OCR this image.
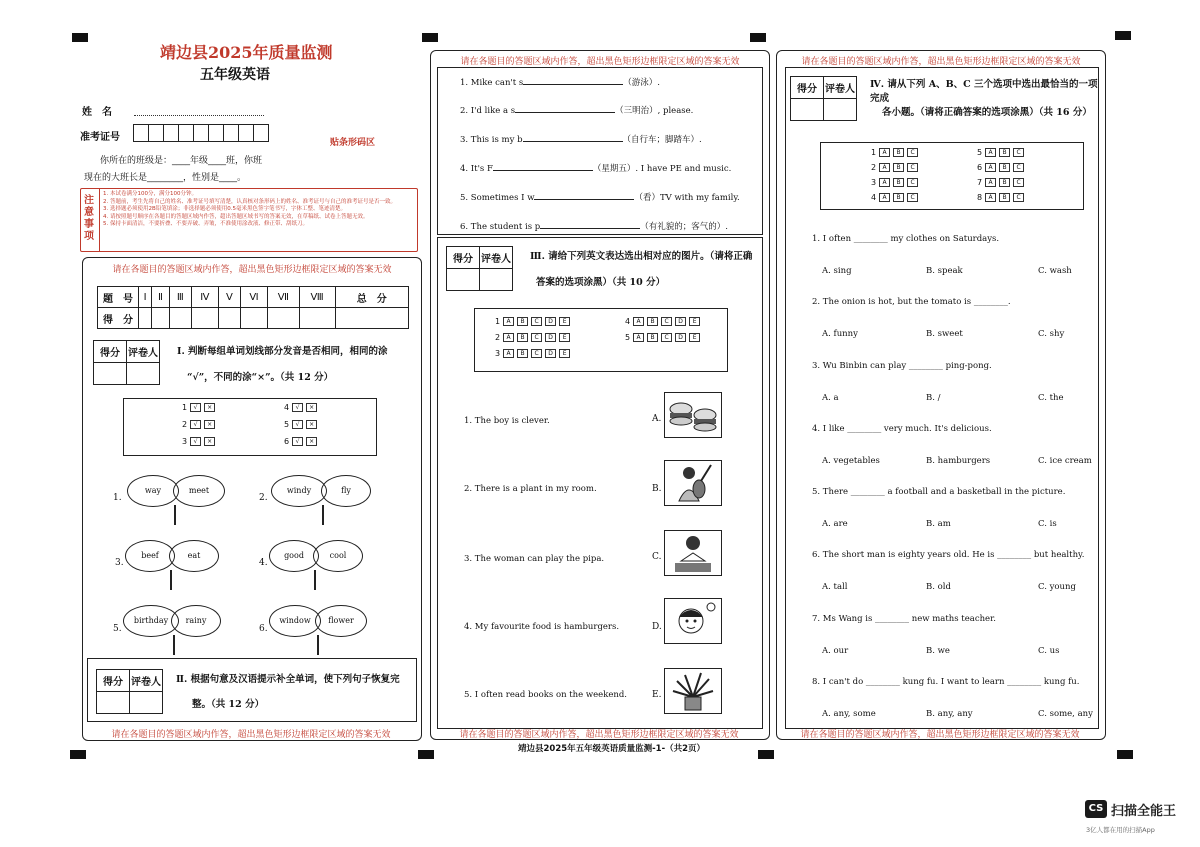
靖边县2025年质量监测
五年级英语
姓　名
准考证号	贴条形码区
你所在的班级是：____年级____班，你班
现在的大班长是________，性别是____。
注意事项
1. 本试卷满分100分，满分100分钟。
2. 答题前，考生先将自己的姓名、准考证号填写清楚，认真核对条形码上的姓名、准考证号与自己的准考证号是否一致。
3. 选择题必须使用2B铅笔填涂；非选择题必须使用0.5毫米黑色签字笔书写，字体工整、笔迹清楚。
4. 请按照题号顺序在各题目的答题区域内作答，超出答题区域书写的答案无效，在草稿纸、试卷上答题无效。
5. 保持卡面清洁，不要折叠、不要弄破、弄皱，不准使用涂改液、修正带、刮纸刀。
请在各题目的答题区域内作答，超出黑色矩形边框限定区域的答案无效
题　号	Ⅰ	Ⅱ	Ⅲ	Ⅳ	Ⅴ	Ⅵ	Ⅶ	Ⅷ	总　分
得　分									
得分	评卷人
	Ⅰ. 判断每组单词划线部分发音是否相同，相同的涂
“√”，不同的涂“×”。（共 12 分）
1 √ ×
2 √ ×
3 √ ×
4 √ ×
5 √ ×
6 √ ×
1.
way	meet
2.
windy	fly
3.
beef	eat
4.
good	cool
5.
birthday	rainy
6.
window	flower
得分	评卷人
	Ⅱ. 根据句意及汉语提示补全单词，使下列句子恢复完
整。（共 12 分）
请在各题目的答题区域内作答，超出黑色矩形边框限定区域的答案无效
请在各题目的答题区域内作答，超出黑色矩形边框限定区域的答案无效
1. Mike can't s	（游泳）.
2. I'd like a s	（三明治）, please.
3. This is my b	（自行车；脚踏车）.
4. It's F	（星期五）. I have PE and music.
5. Sometimes I w	（看）TV with my family.
6. The student is p	（有礼貌的；客气的）.
得分	评卷人
	Ⅲ. 请给下列英文表达选出相对应的图片。（请将正确
答案的选项涂黑）（共 10 分）
1 A B C D E
2 A B C D E
3 A B C D E
4 A B C D E
5 A B C D E
1. The boy is clever.
2. There is a plant in my room.
3. The woman can play the pipa.
4. My favourite food is hamburgers.
5. I often read books on the weekend.
A.
B.
C.
D.
E.
请在各题目的答题区域内作答，超出黑色矩形边框限定区域的答案无效
靖边县2025年五年级英语质量监测-1-（共2页）
请在各题目的答题区域内作答，超出黑色矩形边框限定区域的答案无效
得分	评卷人
	Ⅳ. 请从下列 A、B、C 三个选项中选出最恰当的一项完成
各小题。（请将正确答案的选项涂黑）（共 16 分）
1 A B C
2 A B C
3 A B C
4 A B C
5 A B C
6 A B C
7 A B C
8 A B C
1. I often ________ my clothes on Saturdays.
A. sing	B. speak	C. wash
2. The onion is hot, but the tomato is ________.
A. funny	B. sweet	C. shy
3. Wu Binbin can play ________ ping-pong.
A. a	B. /	C. the
4. I like ________ very much. It's delicious.
A. vegetables	B. hamburgers	C. ice cream
5. There ________ a football and a basketball in the picture.
A. are	B. am	C. is
6. The short man is eighty years old. He is ________ but healthy.
A. tall	B. old	C. young
7. Ms Wang is ________ new maths teacher.
A. our	B. we	C. us
8. I can't do ________ kung fu. I want to learn ________ kung fu.
A. any, some	B. any, any	C. some, any
请在各题目的答题区域内作答，超出黑色矩形边框限定区域的答案无效
CS 扫描全能王
3亿人都在用的扫描App
